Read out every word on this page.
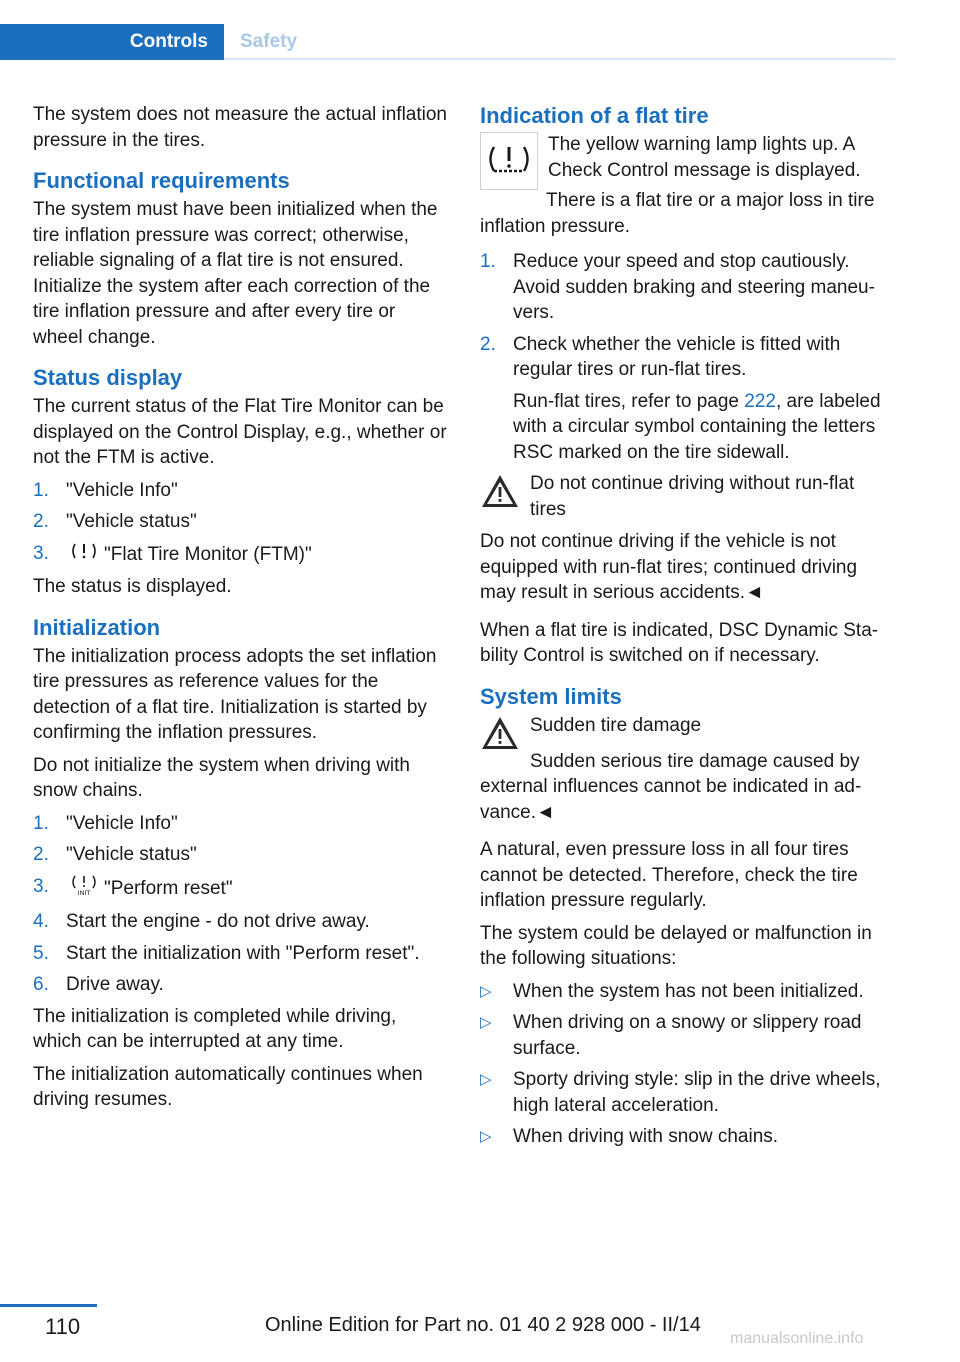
Controls	Safety

The system does not measure the actual inflation pressure in the tires.

Functional requirements

The system must have been initialized when the tire inflation pressure was correct; otherwise, reliable signaling of a flat tire is not ensured. Initialize the system after each correction of the tire inflation pressure and after every tire or wheel change.

Status display

The current status of the Flat Tire Monitor can be displayed on the Control Display, e.g., whether or not the FTM is active.

1. "Vehicle Info"
2. "Vehicle status"
3.	"Flat Tire Monitor (FTM)"

The status is displayed.

Initialization

The initialization process adopts the set inflation tire pressures as reference values for the detection of a flat tire. Initialization is started by confirming the inflation pressures.

Do not initialize the system when driving with snow chains.

1. "Vehicle Info"
2. "Vehicle status"
3.	INIT "Perform reset"
4. Start the engine - do not drive away.
5. Start the initialization with "Perform reset".
6. Drive away.

The initialization is completed while driving, which can be interrupted at any time.

The initialization automatically continues when driving resumes.

Indication of a flat tire

The yellow warning lamp lights up. A Check Control message is displayed.

There is a flat tire or a major loss in tire inflation pressure.

1. Reduce your speed and stop cautiously. Avoid sudden braking and steering maneuvers.
2. Check whether the vehicle is fitted with regular tires or run-flat tires.

Run-flat tires, refer to page 222, are labeled with a circular symbol containing the letters RSC marked on the tire sidewall.

Do not continue driving without run-flat tires

Do not continue driving if the vehicle is not equipped with run-flat tires; continued driving may result in serious accidents.◄

When a flat tire is indicated, DSC Dynamic Stability Control is switched on if necessary.

System limits

Sudden tire damage

Sudden serious tire damage caused by external influences cannot be indicated in advance.◄

A natural, even pressure loss in all four tires cannot be detected. Therefore, check the tire inflation pressure regularly.

The system could be delayed or malfunction in the following situations:

▷ When the system has not been initialized.
▷ When driving on a snowy or slippery road surface.
▷ Sporty driving style: slip in the drive wheels, high lateral acceleration.
▷ When driving with snow chains.
110	Online Edition for Part no. 01 40 2 928 000 - II/14
manualsonline.info
